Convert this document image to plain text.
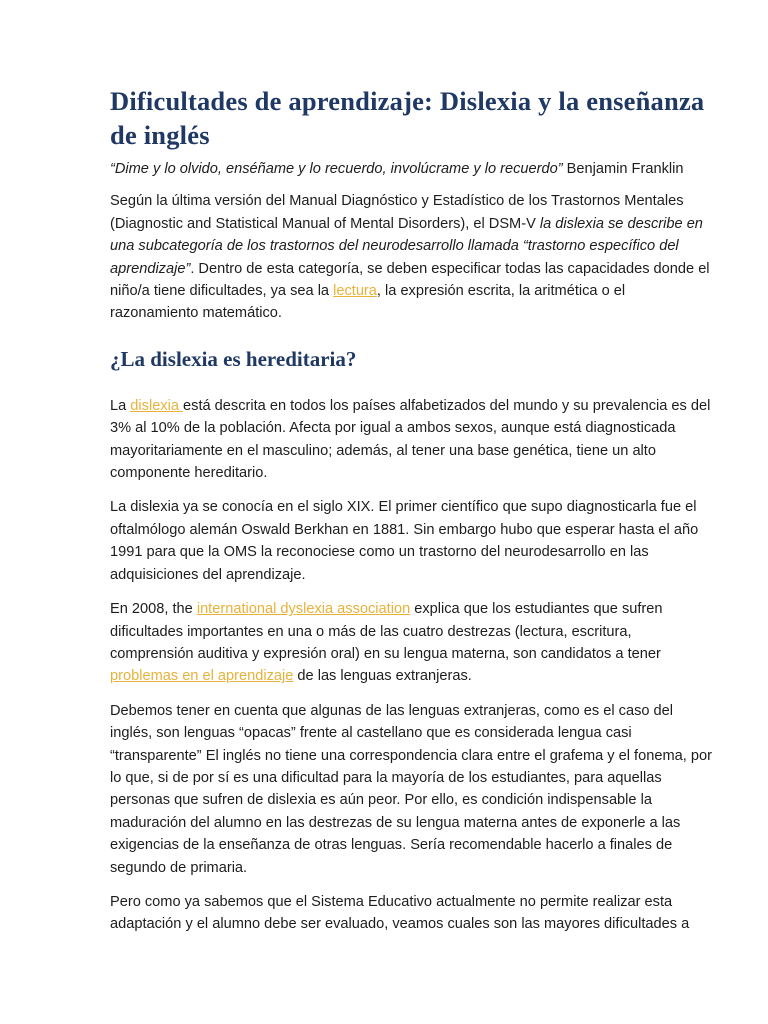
Dificultades de aprendizaje: Dislexia y la enseñanza de inglés

“Dime y lo olvido, enséñame y lo recuerdo, involúcrame y lo recuerdo” Benjamin Franklin

Según la última versión del Manual Diagnóstico y Estadístico de los Trastornos Mentales (Diagnostic and Statistical Manual of Mental Disorders), el DSM-V la dislexia se describe en una subcategoría de los trastornos del neurodesarrollo llamada “trastorno específico del aprendizaje”. Dentro de esta categoría, se deben especificar todas las capacidades donde el niño/a tiene dificultades, ya sea la lectura, la expresión escrita, la aritmética o el razonamiento matemático.

¿La dislexia es hereditaria?

La dislexia está descrita en todos los países alfabetizados del mundo y su prevalencia es del 3% al 10% de la población. Afecta por igual a ambos sexos, aunque está diagnosticada mayoritariamente en el masculino; además, al tener una base genética, tiene un alto componente hereditario.

La dislexia ya se conocía en el siglo XIX. El primer científico que supo diagnosticarla fue el oftalmólogo alemán Oswald Berkhan en 1881. Sin embargo hubo que esperar hasta el año 1991 para que la OMS la reconociese como un trastorno del neurodesarrollo en las adquisiciones del aprendizaje.

En 2008, the international dyslexia association explica que los estudiantes que sufren dificultades importantes en una o más de las cuatro destrezas (lectura, escritura, comprensión auditiva y expresión oral) en su lengua materna, son candidatos a tener problemas en el aprendizaje de las lenguas extranjeras.

Debemos tener en cuenta que algunas de las lenguas extranjeras, como es el caso del inglés, son lenguas “opacas” frente al castellano que es considerada lengua casi “transparente” El inglés no tiene una correspondencia clara entre el grafema y el fonema, por lo que, si de por sí es una dificultad para la mayoría de los estudiantes, para aquellas personas que sufren de dislexia es aún peor. Por ello, es condición indispensable la maduración del alumno en las destrezas de su lengua materna antes de exponerle a las exigencias de la enseñanza de otras lenguas. Sería recomendable hacerlo a finales de segundo de primaria.

Pero como ya sabemos que el Sistema Educativo actualmente no permite realizar esta adaptación y el alumno debe ser evaluado, veamos cuales son las mayores dificultades a
